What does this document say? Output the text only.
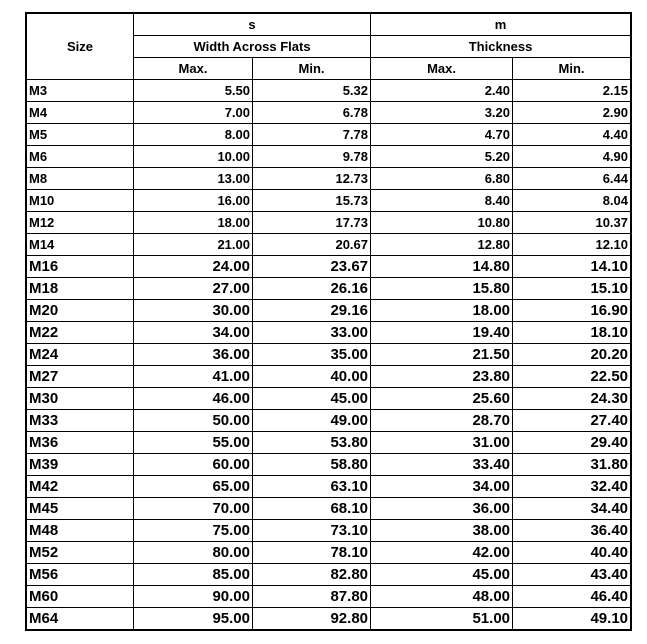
Size	s		m	
	Width Across Flats		Thickness	
	Max.	Min.	Max.	Min.
M3	5.50	5.32	2.40	2.15
M4	7.00	6.78	3.20	2.90
M5	8.00	7.78	4.70	4.40
M6	10.00	9.78	5.20	4.90
M8	13.00	12.73	6.80	6.44
M10	16.00	15.73	8.40	8.04
M12	18.00	17.73	10.80	10.37
M14	21.00	20.67	12.80	12.10
M16	24.00	23.67	14.80	14.10
M18	27.00	26.16	15.80	15.10
M20	30.00	29.16	18.00	16.90
M22	34.00	33.00	19.40	18.10
M24	36.00	35.00	21.50	20.20
M27	41.00	40.00	23.80	22.50
M30	46.00	45.00	25.60	24.30
M33	50.00	49.00	28.70	27.40
M36	55.00	53.80	31.00	29.40
M39	60.00	58.80	33.40	31.80
M42	65.00	63.10	34.00	32.40
M45	70.00	68.10	36.00	34.40
M48	75.00	73.10	38.00	36.40
M52	80.00	78.10	42.00	40.40
M56	85.00	82.80	45.00	43.40
M60	90.00	87.80	48.00	46.40
M64	95.00	92.80	51.00	49.10
